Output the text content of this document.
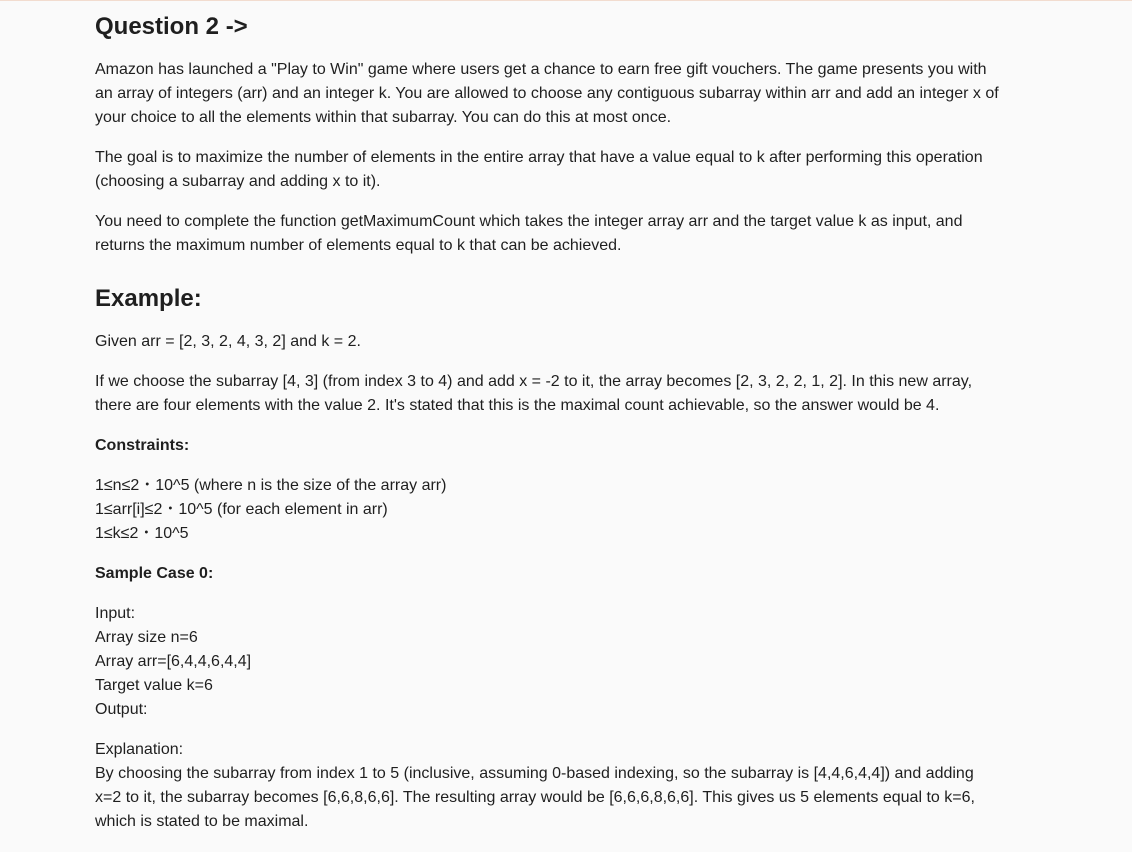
Question 2 ->

Amazon has launched a "Play to Win" game where users get a chance to earn free gift vouchers. The game presents you with
an array of integers (arr) and an integer k. You are allowed to choose any contiguous subarray within arr and add an integer x of
your choice to all the elements within that subarray. You can do this at most once.

The goal is to maximize the number of elements in the entire array that have a value equal to k after performing this operation
(choosing a subarray and adding x to it).

You need to complete the function getMaximumCount which takes the integer array arr and the target value k as input, and
returns the maximum number of elements equal to k that can be achieved.

Example:

Given arr = [2, 3, 2, 4, 3, 2] and k = 2.

If we choose the subarray [4, 3] (from index 3 to 4) and add x = -2 to it, the array becomes [2, 3, 2, 2, 1, 2]. In this new array,
there are four elements with the value 2. It's stated that this is the maximal count achievable, so the answer would be 4.

Constraints:

1≤n≤2・10^5 (where n is the size of the array arr)
1≤arr[i]≤2・10^5 (for each element in arr)
1≤k≤2・10^5

Sample Case 0:

Input:
Array size n=6
Array arr=[6,4,4,6,4,4]
Target value k=6
Output:

Explanation:
By choosing the subarray from index 1 to 5 (inclusive, assuming 0-based indexing, so the subarray is [4,4,6,4,4]) and adding
x=2 to it, the subarray becomes [6,6,8,6,6]. The resulting array would be [6,6,6,8,6,6]. This gives us 5 elements equal to k=6,
which is stated to be maximal.
